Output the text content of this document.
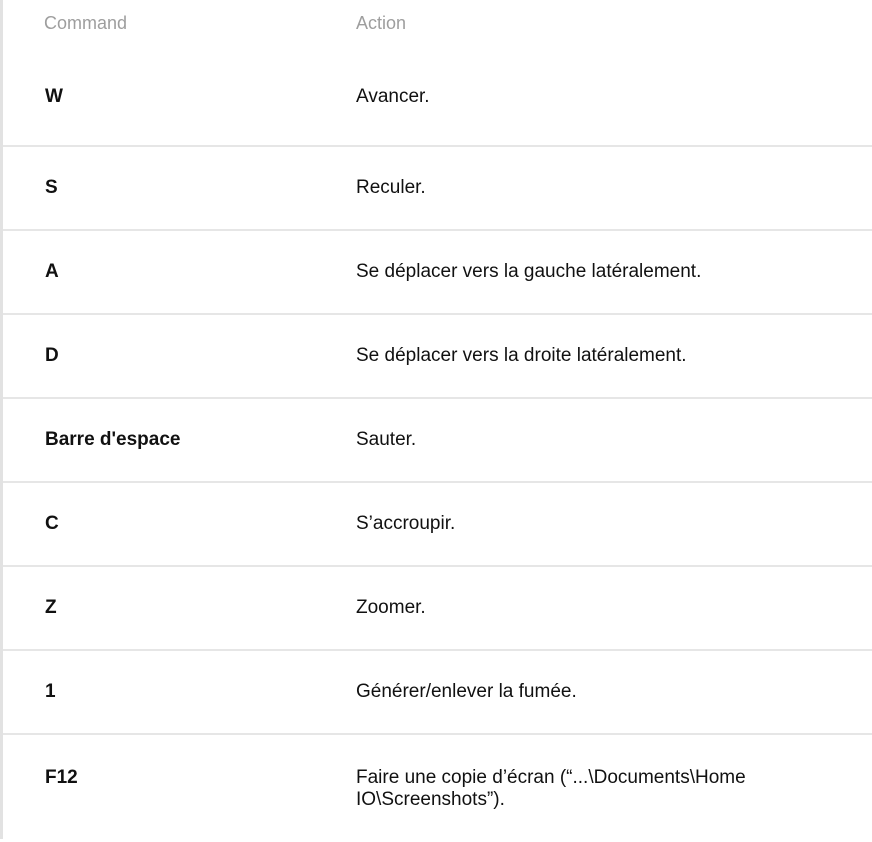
Command	Action
W	Avancer.
S	Reculer.
A	Se déplacer vers la gauche latéralement.
D	Se déplacer vers la droite latéralement.
Barre d'espace	Sauter.
C	S’accroupir.
Z	Zoomer.
1	Générer/enlever la fumée.
F12	Faire une copie d’écran (“...\Documents\Home IO\Screenshots”).
